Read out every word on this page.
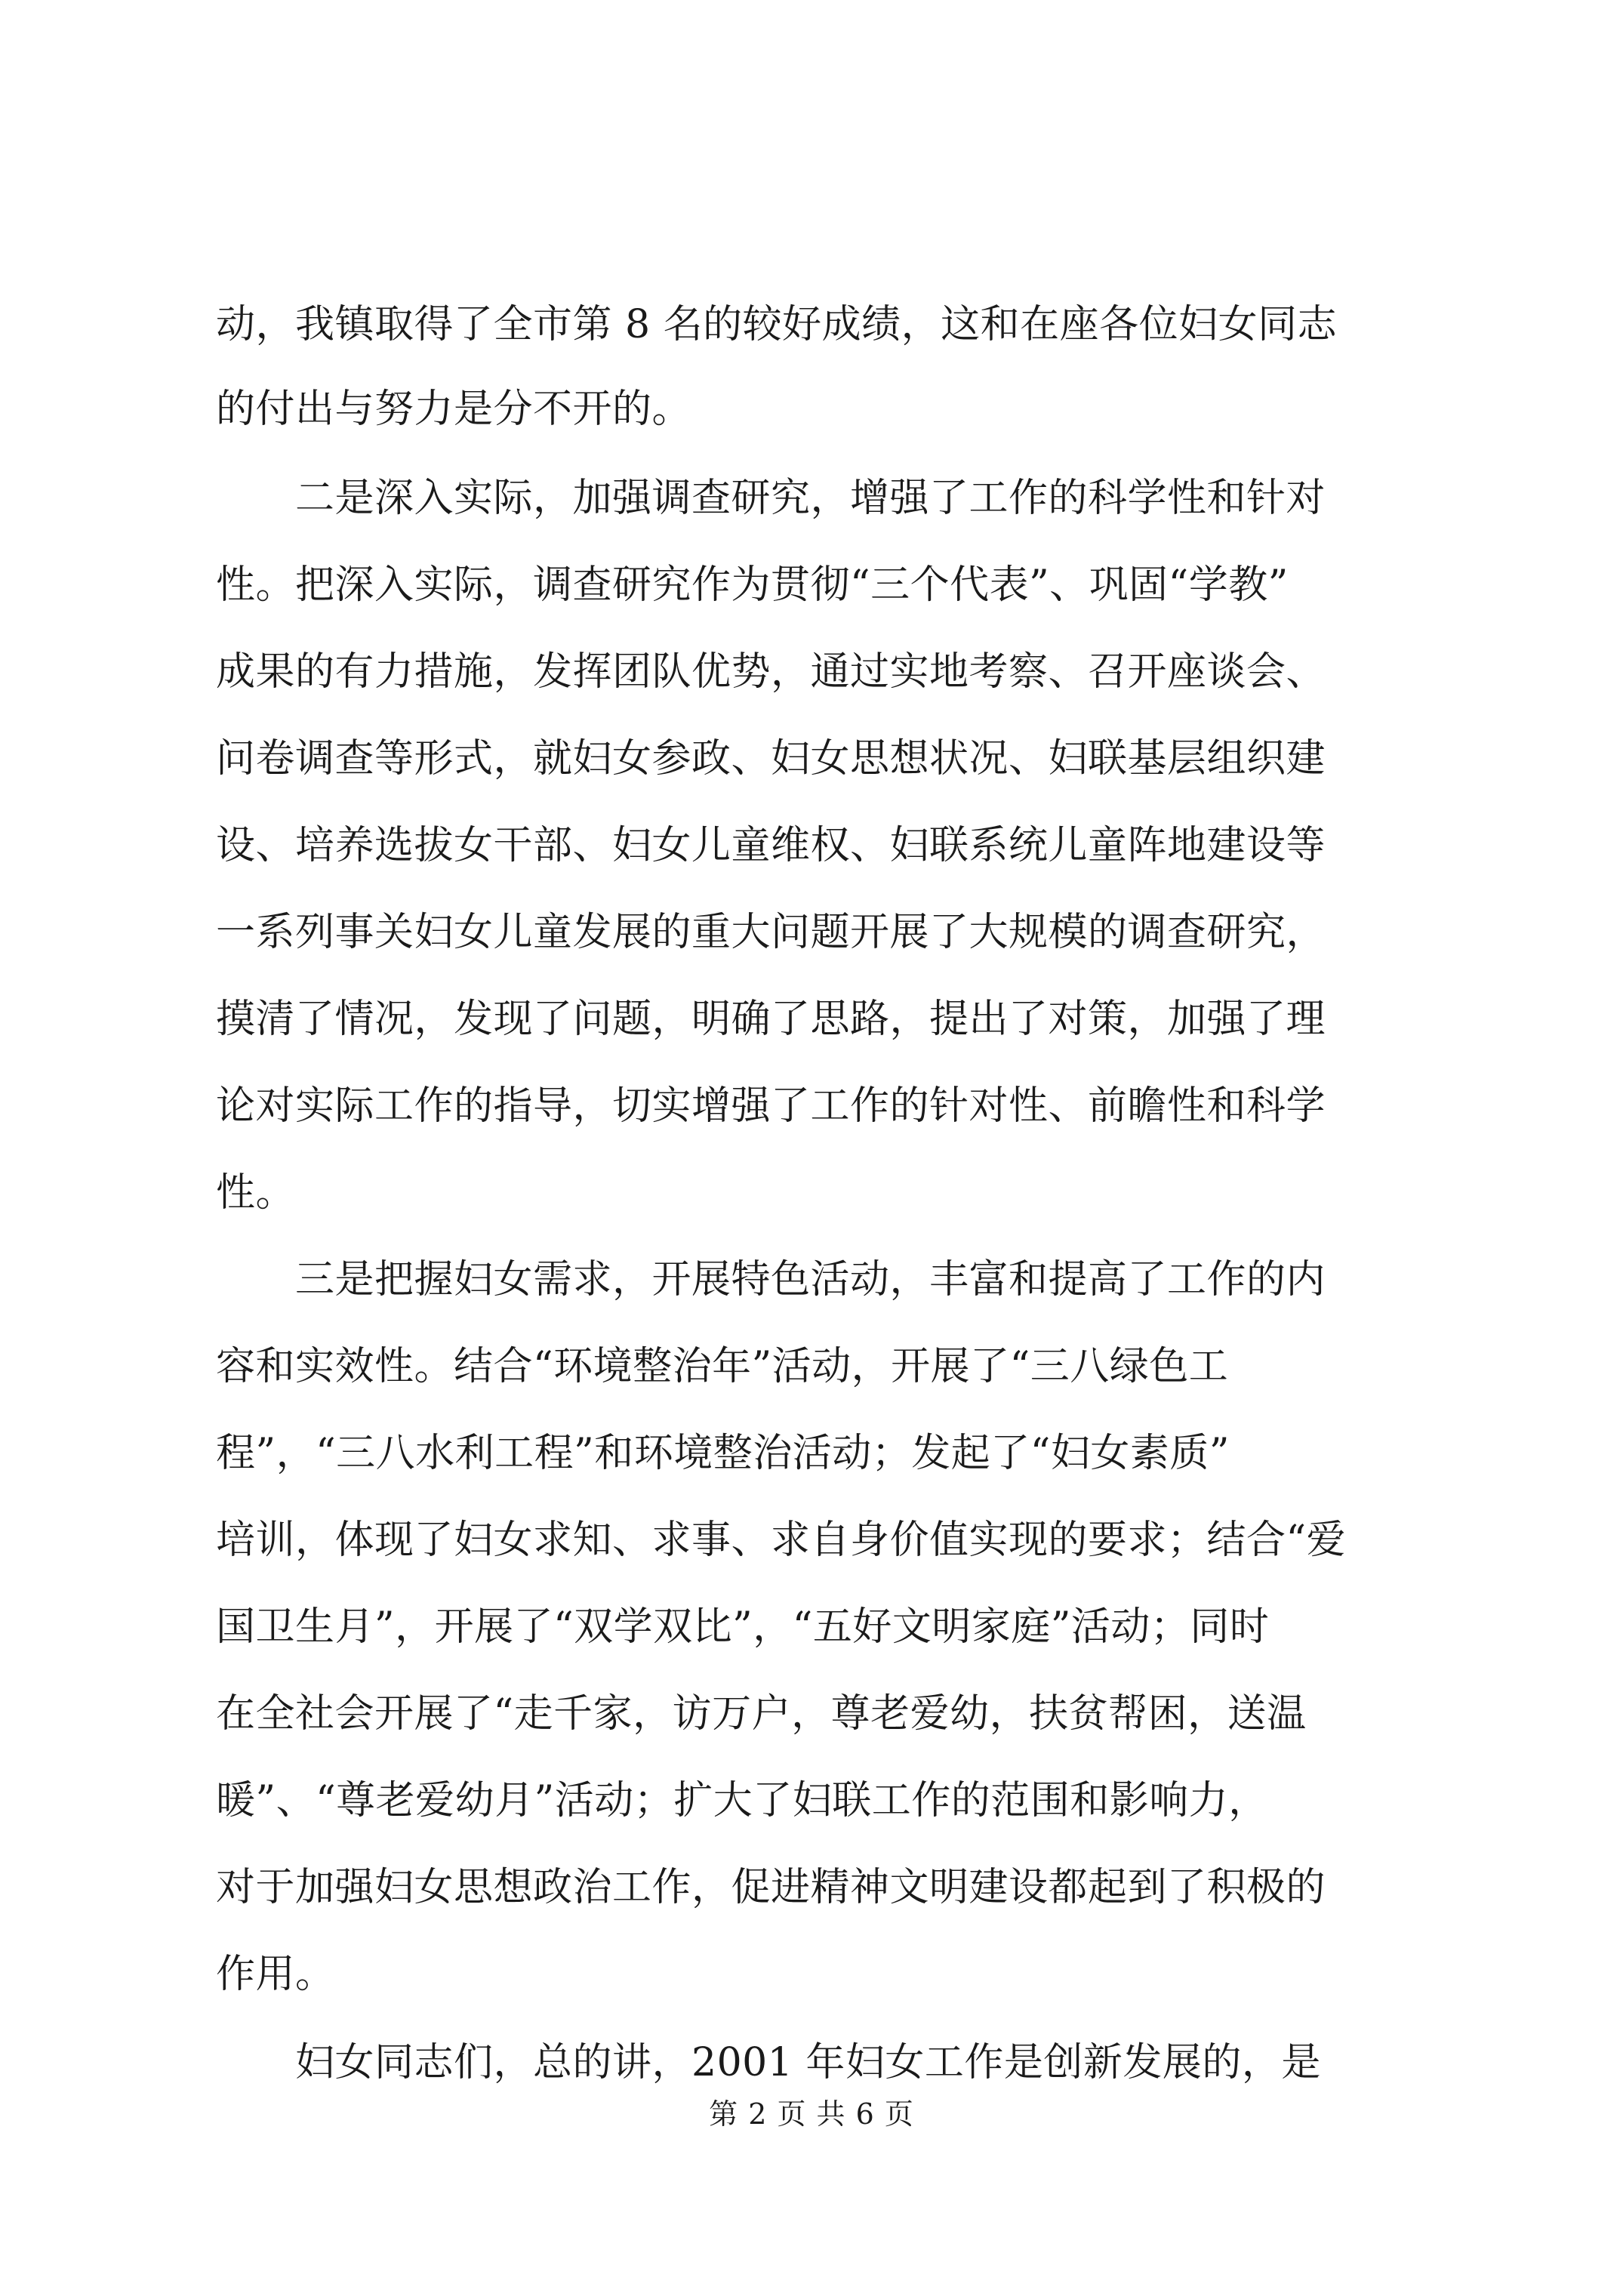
动，我镇取得了全市第 8 名的较好成绩，这和在座各位妇女同志
的付出与努力是分不开的。
　　二是深入实际，加强调查研究，增强了工作的科学性和针对
性。把深入实际，调查研究作为贯彻“三个代表”、巩固“学教”
成果的有力措施，发挥团队优势，通过实地考察、召开座谈会、
问卷调查等形式，就妇女参政、妇女思想状况、妇联基层组织建
设、培养选拔女干部、妇女儿童维权、妇联系统儿童阵地建设等
一系列事关妇女儿童发展的重大问题开展了大规模的调查研究，
摸清了情况，发现了问题，明确了思路，提出了对策，加强了理
论对实际工作的指导，切实增强了工作的针对性、前瞻性和科学
性。
　　三是把握妇女需求，开展特色活动，丰富和提高了工作的内
容和实效性。结合“环境整治年”活动，开展了“三八绿色工
程”，“三八水利工程”和环境整治活动；发起了“妇女素质”
培训，体现了妇女求知、求事、求自身价值实现的要求；结合“爱
国卫生月”，开展了“双学双比”，“五好文明家庭”活动；同时
在全社会开展了“走千家，访万户，尊老爱幼，扶贫帮困，送温
暖”、“尊老爱幼月”活动；扩大了妇联工作的范围和影响力，
对于加强妇女思想政治工作，促进精神文明建设都起到了积极的
作用。
　　妇女同志们，总的讲，2001 年妇女工作是创新发展的，是
第 2 页 共 6 页
